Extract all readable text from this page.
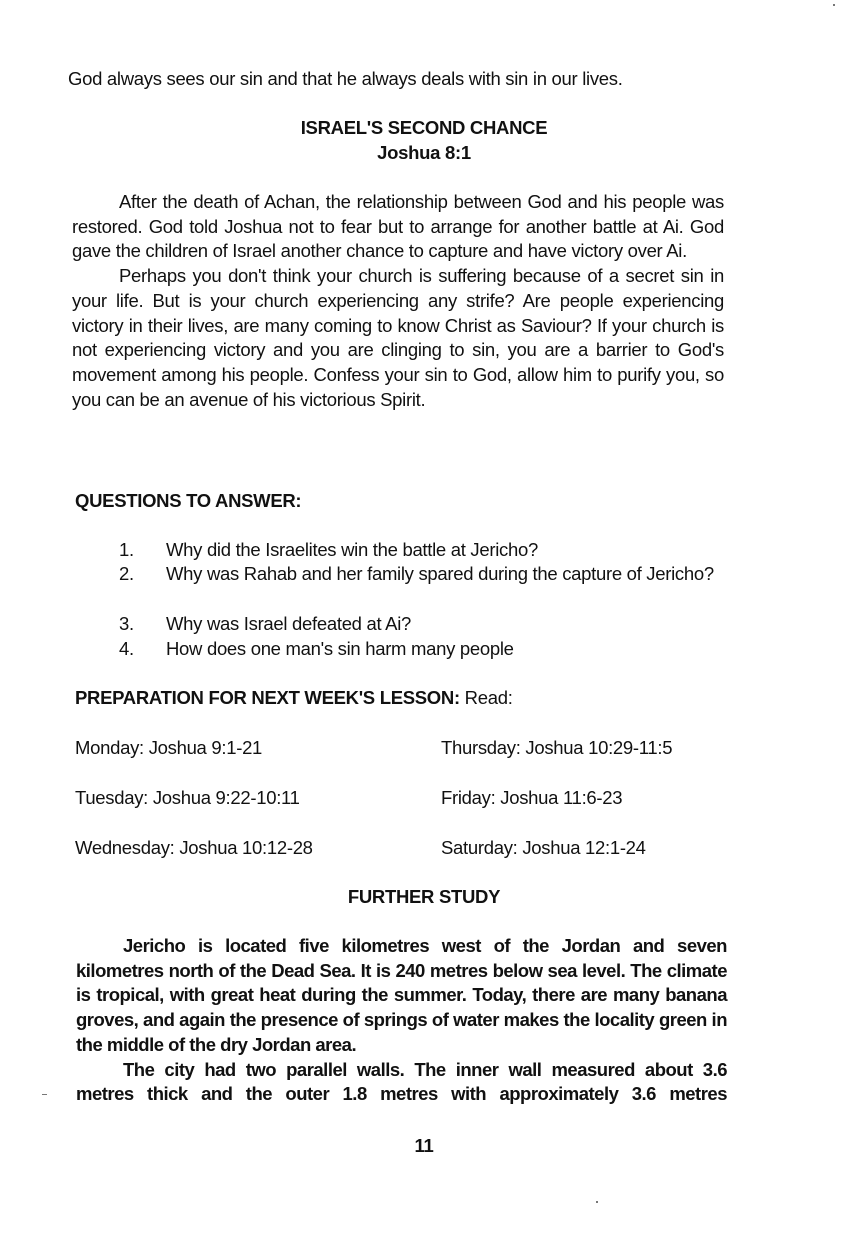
God always sees our sin and that he always deals with sin in our lives.
ISRAEL'S SECOND CHANCE
Joshua 8:1

After the death of Achan, the relationship between God and his people was restored. God told Joshua not to fear but to arrange for another battle at Ai. God gave the children of Israel another chance to capture and have victory over Ai.

Perhaps you don't think your church is suffering because of a secret sin in your life. But is your church experiencing any strife? Are people experiencing victory in their lives, are many coming to know Christ as Saviour? If your church is not experiencing victory and you are clinging to sin, you are a barrier to God's movement among his people. Confess your sin to God, allow him to purify you, so you can be an avenue of his victorious Spirit.

QUESTIONS TO ANSWER:
1.	Why did the Israelites win the battle at Jericho?
2.	Why was Rahab and her family spared during the capture of Jericho?
3.	Why was Israel defeated at Ai?
4.	How does one man's sin harm many people
PREPARATION FOR NEXT WEEK'S LESSON: Read:
Monday: Joshua 9:1-21	Thursday: Joshua 10:29-11:5
Tuesday: Joshua 9:22-10:11	Friday: Joshua 11:6-23
Wednesday: Joshua 10:12-28	Saturday: Joshua 12:1-24
FURTHER STUDY

Jericho is located five kilometres west of the Jordan and seven kilometres north of the Dead Sea. It is 240 metres below sea level. The climate is tropical, with great heat during the summer. Today, there are many banana groves, and again the presence of springs of water makes the locality green in the middle of the dry Jordan area.

The city had two parallel walls. The inner wall measured about 3.6 metres thick and the outer 1.8 metres with approximately 3.6 metres

11
